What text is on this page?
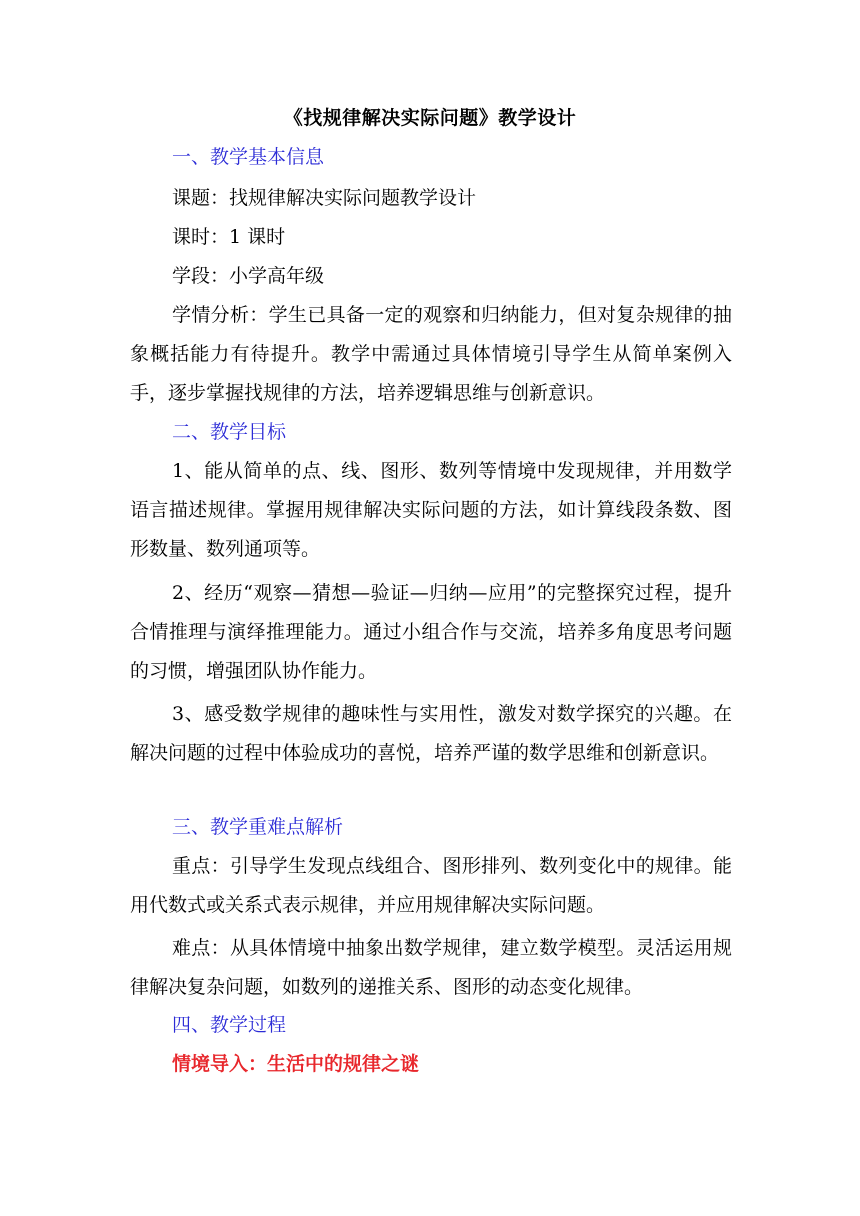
《找规律解决实际问题》教学设计
一、教学基本信息
课题：找规律解决实际问题教学设计
课时：1 课时
学段：小学高年级
学情分析：学生已具备一定的观察和归纳能力，但对复杂规律的抽象概括能力有待提升。教学中需通过具体情境引导学生从简单案例入手，逐步掌握找规律的方法，培养逻辑思维与创新意识。
二、教学目标
1、能从简单的点、线、图形、数列等情境中发现规律，并用数学语言描述规律。掌握用规律解决实际问题的方法，如计算线段条数、图形数量、数列通项等。
2、经历“观察—猜想—验证—归纳—应用”的完整探究过程，提升合情推理与演绎推理能力。通过小组合作与交流，培养多角度思考问题的习惯，增强团队协作能力。
3、感受数学规律的趣味性与实用性，激发对数学探究的兴趣。在解决问题的过程中体验成功的喜悦，培养严谨的数学思维和创新意识。
三、教学重难点解析
重点：引导学生发现点线组合、图形排列、数列变化中的规律。能用代数式或关系式表示规律，并应用规律解决实际问题。
难点：从具体情境中抽象出数学规律，建立数学模型。灵活运用规律解决复杂问题，如数列的递推关系、图形的动态变化规律。
四、教学过程
情境导入：生活中的规律之谜
